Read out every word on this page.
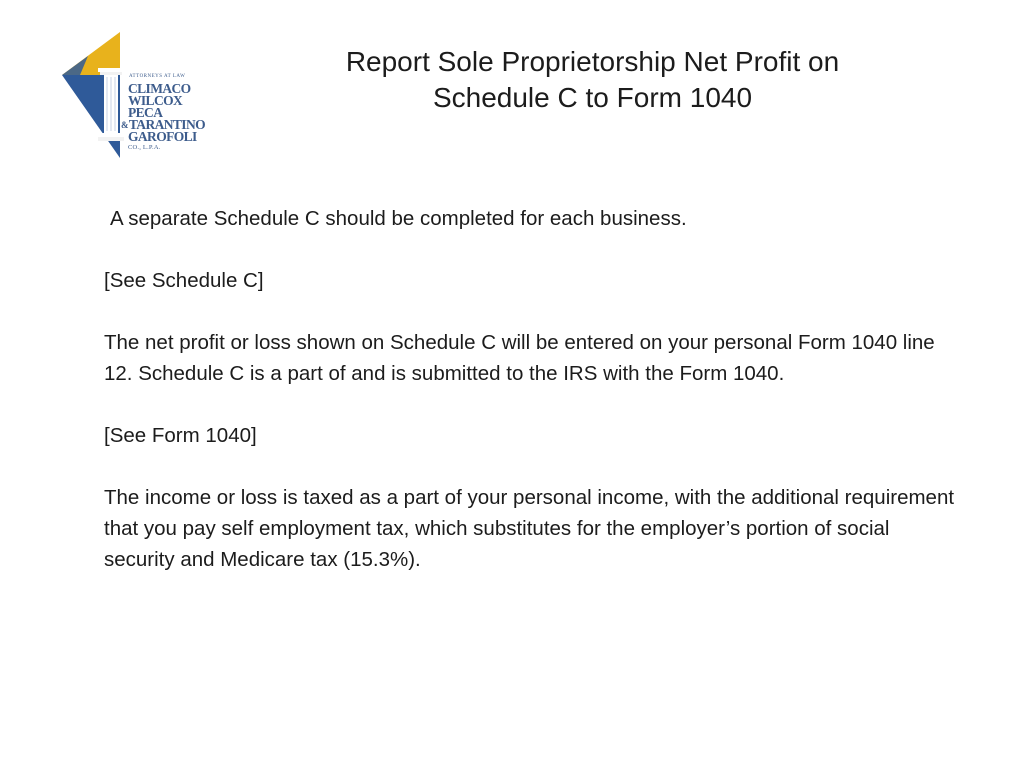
ATTORNEYS AT LAW
CLIMACO
WILCOX
PECA
& TARANTINO
GAROFOLI
CO., L.P.A.
Report Sole Proprietorship Net Profit on
Schedule C to Form 1040

A separate Schedule C should be completed for each business.

[See Schedule C]

The net profit or loss shown on Schedule C will be entered on your personal Form 1040 line 12. Schedule C is a part of and is submitted to the IRS with the Form 1040.

[See Form 1040]

The income or loss is taxed as a part of your personal income, with the additional requirement that you pay self employment tax, which substitutes for the employer’s portion of social security and Medicare tax (15.3%).
